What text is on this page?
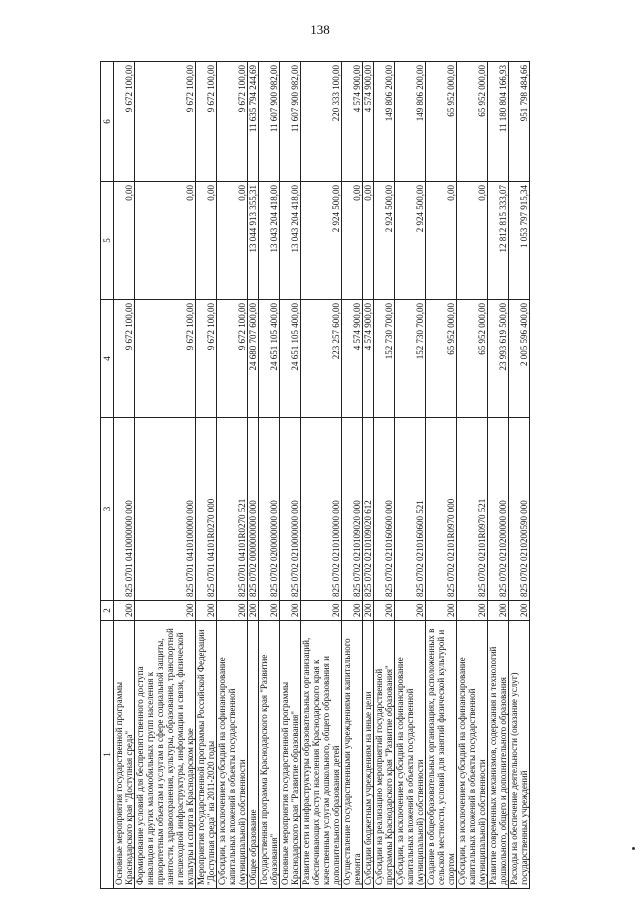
138
1	2	3	4	5	6
Основные мероприятия государственной программы Краснодарского края "Доступная среда"	200	825 0701 0410000000 000	9 672 100,00	0,00	9 672 100,00
Формирование условий для беспрепятственного доступа инвалидов и других маломобильных групп населения к приоритетным объектам и услугам в сфере социальной защиты, занятости, здравоохранения, культуры, образования, транспортной и пешеходной инфраструктуры, информации и связи, физической культуры и спорта в Краснодарском крае	200	825 0701 0410100000 000	9 672 100,00	0,00	9 672 100,00
Мероприятия государственной программы Российской Федерации "Доступная среда" на 2011-2020 годы	200	825 0701 04101R0270 000	9 672 100,00	0,00	9 672 100,00
Субсидии, за исключением субсидий на софинансирование капитальных вложений в объекты государственной (муниципальной) собственности	200	825 0701 04101R0270 521	9 672 100,00	0,00	9 672 100,00
Общее образование	200	825 0702 0000000000 000	24 680 707 600,00	13 044 913 355,31	11 635 794 244,69
Государственная программа Краснодарского края "Развитие образования"	200	825 0702 0200000000 000	24 651 105 400,00	13 043 204 418,00	11 607 900 982,00
Основные мероприятия государственной программы Краснодарского края "Развитие образования"	200	825 0702 0210000000 000	24 651 105 400,00	13 043 204 418,00	11 607 900 982,00
Развитие сети и инфраструктуры образовательных организаций, обеспечивающих доступ населения Краснодарского края к качественным услугам дошкольного, общего образования и дополнительного образования детей	200	825 0702 0210100000 000	223 257 600,00	2 924 500,00	220 333 100,00
Осуществление государственными учреждениями капитального ремонта	200	825 0702 0210109020 000	4 574 900,00	0,00	4 574 900,00
Субсидии бюджетным учреждениям на иные цели	200	825 0702 0210109020 612	4 574 900,00	0,00	4 574 900,00
Субсидии на реализацию мероприятий государственной программы Краснодарского края "Развитие образования"	200	825 0702 0210160600 000	152 730 700,00	2 924 500,00	149 806 200,00
Субсидии, за исключением субсидий на софинансирование капитальных вложений в объекты государственной (муниципальной) собственности	200	825 0702 0210160600 521	152 730 700,00	2 924 500,00	149 806 200,00
Создание в общеобразовательных организациях, расположенных в сельской местности, условий для занятий физической культурой и спортом	200	825 0702 02101R0970 000	65 952 000,00	0,00	65 952 000,00
Субсидии, за исключением субсидий на софинансирование капитальных вложений в объекты государственной (муниципальной) собственности	200	825 0702 02101R0970 521	65 952 000,00	0,00	65 952 000,00
Развитие современных механизмов, содержания и технологий дошкольного, общего и дополнительного образования	200	825 0702 0210200000 000	23 993 619 500,00	12 812 815 333,07	11 180 804 166,93
Расходы на обеспечение деятельности (оказание услуг) государственных учреждений	200	825 0702 0210200590 000	2 005 596 400,00	1 053 797 915,34	951 798 484,66
